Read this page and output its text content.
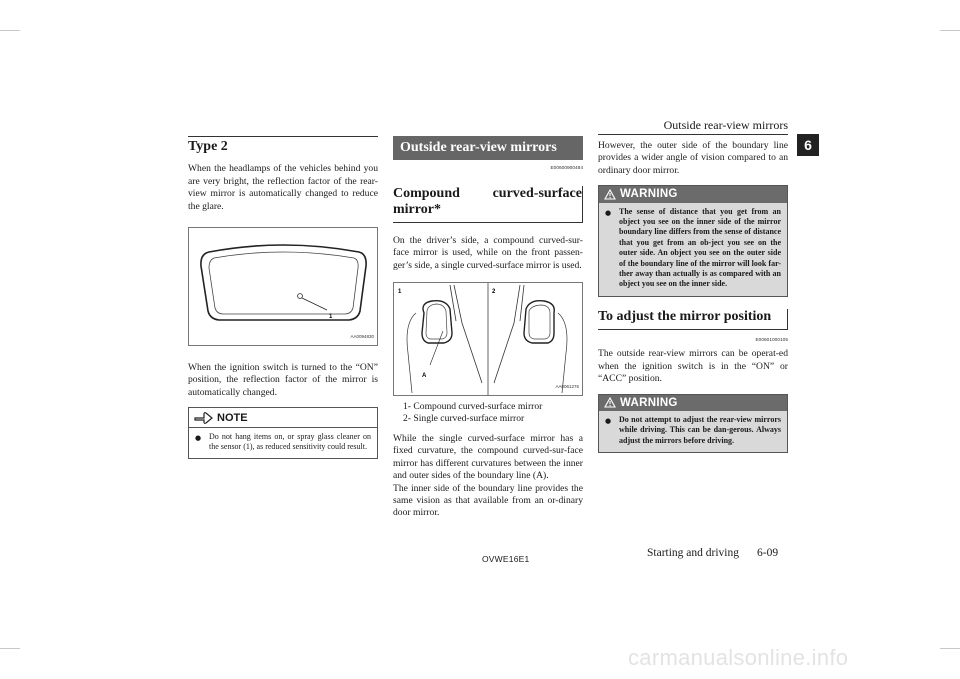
Outside rear-view mirrors
6
Type 2

When the headlamps of the vehicles behind you are very bright, the reflection factor of the rear-view mirror is automatically changed to reduce the glare.

1
AA0094830

When the ignition switch is turned to the “ON” position, the reflection factor of the mirror is automatically changed.

NOTE
● Do not hang items on, or spray glass cleaner on the sensor (1), as reduced sensitivity could result.
Outside rear-view mirrors
E00600900484
Compound curved-surface mirror*

On the driver’s side, a compound curved-sur-face mirror is used, while on the front passen-ger’s side, a single curved-surface mirror is used.

A
1	2
AA0061276
1- Compound curved-surface mirror
2- Single curved-surface mirror

While the single curved-surface mirror has a fixed curvature, the compound curved-sur-face mirror has different curvatures between the inner and outer sides of the boundary line (A).

The inner side of the boundary line provides the same vision as that available from an or-dinary door mirror.

However, the outer side of the boundary line provides a wider angle of vision compared to an ordinary door mirror.

WARNING
● The sense of distance that you get from an object you see on the inner side of the mirror boundary line differs from the sense of distance that you get from an ob-ject you see on the outer side. An object you see on the outer side of the boundary line of the mirror will look far-ther away than actually is as compared with an object you see on the inner side.
To adjust the mirror position
E00601000105

The outside rear-view mirrors can be operat-ed when the ignition switch is in the “ON” or “ACC” position.

WARNING
● Do not attempt to adjust the rear-view mirrors while driving. This can be dan-gerous. Always adjust the mirrors before driving.
OVWE16E1	Starting and driving 6-09
carmanualsonline.info
